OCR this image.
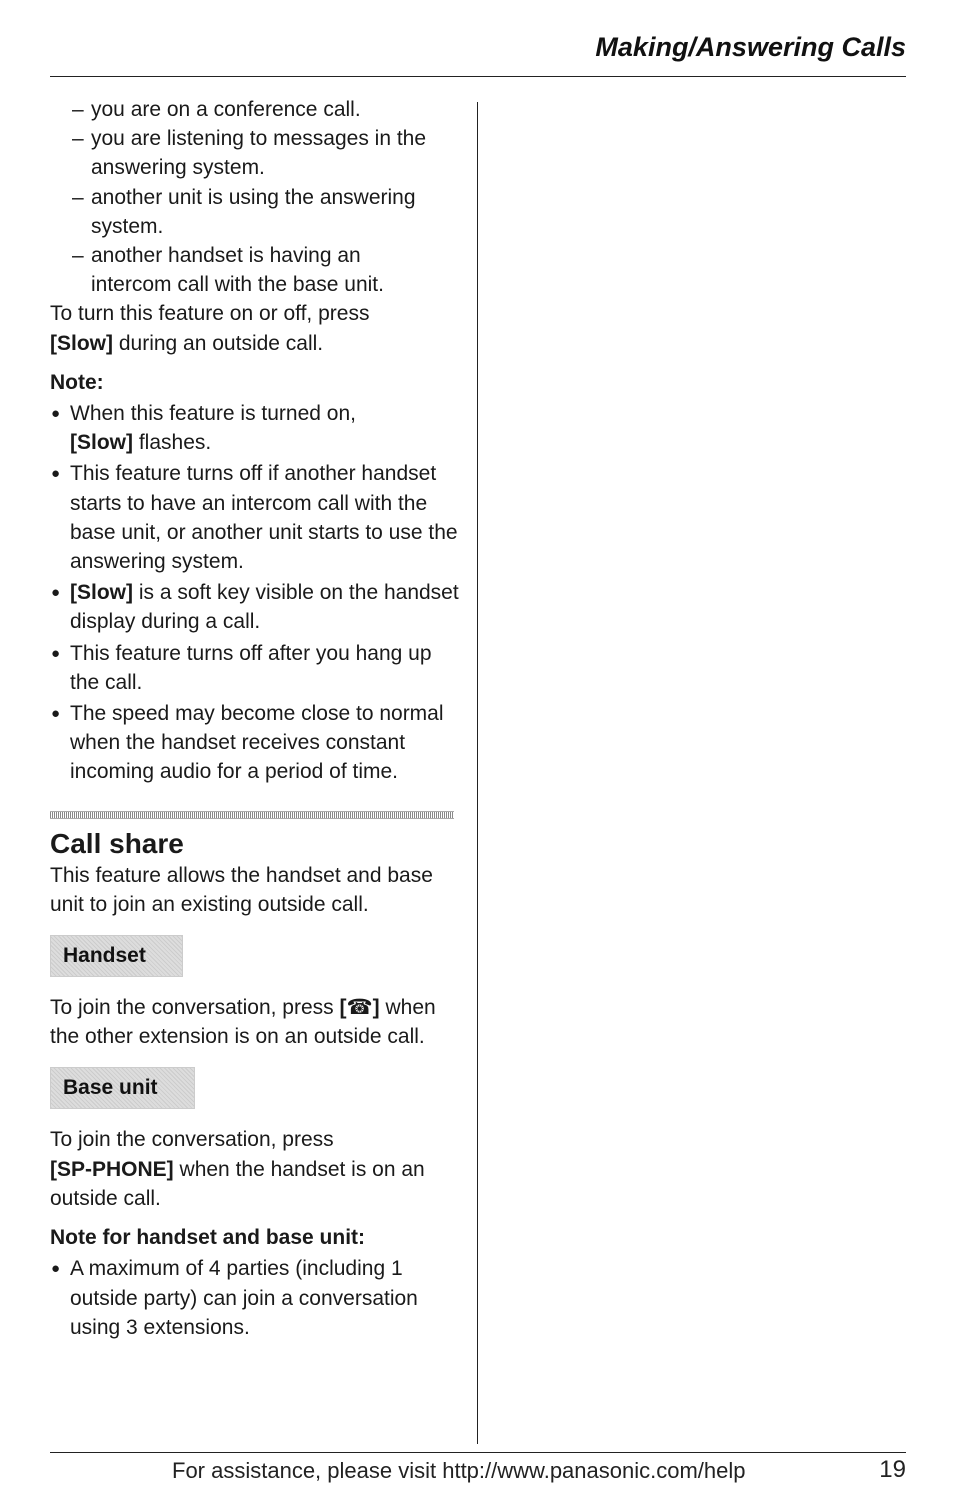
Making/Answering Calls
– you are on a conference call.
– you are listening to messages in the
answering system.
– another unit is using the answering
system.
– another handset is having an
intercom call with the base unit.

To turn this feature on or off, press
[Slow] during an outside call.

Note:
● When this feature is turned on,
[Slow] flashes.
● This feature turns off if another handset starts to have an intercom call with the base unit, or another unit starts to use the answering system.
● [Slow] is a soft key visible on the handset display during a call.
● This feature turns off after you hang up the call.
● The speed may become close to normal when the handset receives constant incoming audio for a period of time.
Call share

This feature allows the handset and base unit to join an existing outside call.

Handset

To join the conversation, press [☎] when the other extension is on an outside call.

Base unit

To join the conversation, press
[SP-PHONE] when the handset is on an outside call.

Note for handset and base unit:
● A maximum of 4 parties (including 1 outside party) can join a conversation using 3 extensions.
For assistance, please visit http://www.panasonic.com/help	19
